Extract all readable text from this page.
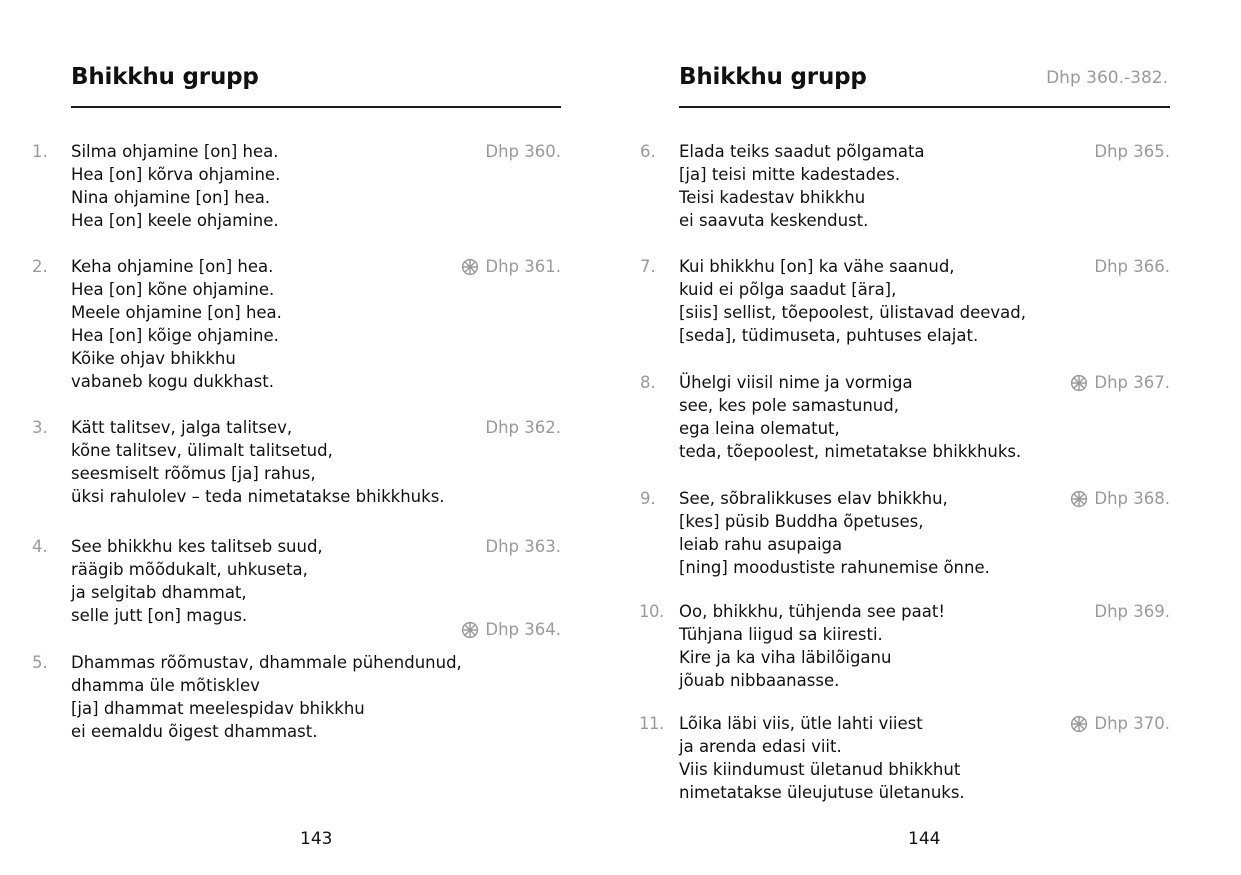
Bhikkhu grupp
1. Silma ohjamine [on] hea.
Hea [on] kõrva ohjamine.
Nina ohjamine [on] hea.
Hea [on] keele ohjamine.
Dhp 360.
2. Keha ohjamine [on] hea.
Hea [on] kõne ohjamine.
Meele ohjamine [on] hea.
Hea [on] kõige ohjamine.
Kõike ohjav bhikkhu
vabaneb kogu dukkhast.
Dhp 361.
3. Kätt talitsev, jalga talitsev,
kõne talitsev, ülimalt talitsetud,
seesmiselt rõõmus [ja] rahus,
üksi rahulolev – teda nimetatakse bhikkhuks.
Dhp 362.
4. See bhikkhu kes talitseb suud,
räägib mõõdukalt, uhkuseta,
ja selgitab dhammat,
selle jutt [on] magus.
Dhp 363.
Dhp 364.
5. Dhammas rõõmustav, dhammale pühendunud,
dhamma üle mõtisklev
[ja] dhammat meelespidav bhikkhu
ei eemaldu õigest dhammast.
143
Bhikkhu grupp	Dhp 360.-382.
6. Elada teiks saadut põlgamata
[ja] teisi mitte kadestades.
Teisi kadestav bhikkhu
ei saavuta keskendust.
Dhp 365.
7. Kui bhikkhu [on] ka vähe saanud,
kuid ei põlga saadut [ära],
[siis] sellist, tõepoolest, ülistavad deevad,
[seda], tüdimuseta, puhtuses elajat.
Dhp 366.
8. Ühelgi viisil nime ja vormiga
see, kes pole samastunud,
ega leina olematut,
teda, tõepoolest, nimetatakse bhikkhuks.
Dhp 367.
9. See, sõbralikkuses elav bhikkhu,
[kes] püsib Buddha õpetuses,
leiab rahu asupaiga
[ning] moodustiste rahunemise õnne.
Dhp 368.
10. Oo, bhikkhu, tühjenda see paat!
Tühjana liigud sa kiiresti.
Kire ja ka viha läbilõiganu
jõuab nibbaanasse.
Dhp 369.
11. Lõika läbi viis, ütle lahti viiest
ja arenda edasi viit.
Viis kiindumust ületanud bhikkhut
nimetatakse üleujutuse ületanuks.
Dhp 370.
144
